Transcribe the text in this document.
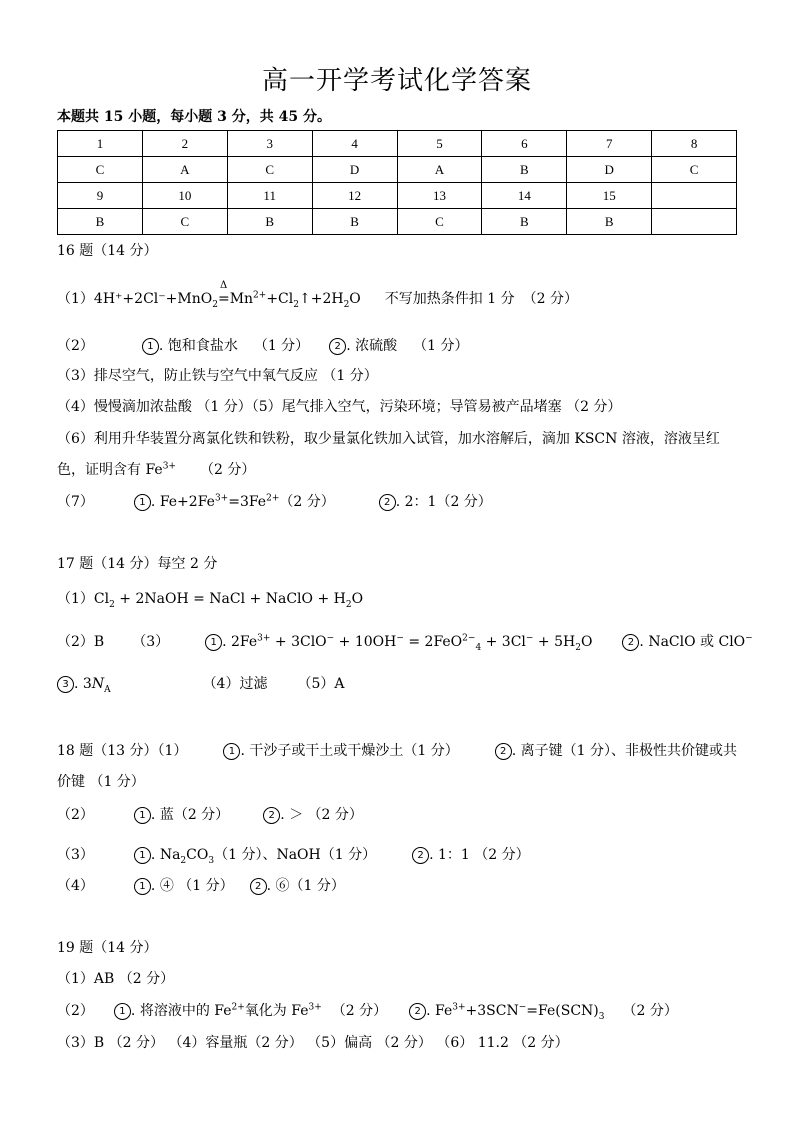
高一开学考试化学答案
本题共 15 小题，每小题 3 分，共 45 分。
1	2	3	4	5	6	7	8
C	A	C	D	A	B	D	C
9	10	11	12	13	14	15	
B	C	B	B	C	B	B	
16 题（14 分）
（1）4H⁺+2Cl⁻+MnO$_2$
Δ
$=Mn^{2+}+Cl_2↑+2H_2O$ 不写加热条件扣 1 分 （2 分）
（2）	1 . 饱和食盐水 （1 分）	2 . 浓硫酸 （1 分）
（3）排尽空气，防止铁与空气中氧气反应 （1 分）
（4）慢慢滴加浓盐酸 （1 分）（5）尾气排入空气，污染环境；导管易被产品堵塞 （2 分）
（6）利用升华装置分离氯化铁和铁粉，取少量氯化铁加入试管，加水溶解后，滴加 KSCN 溶液，溶液呈红色，证明含有 $Fe^{3+}$ （2 分）
（7）	1 . $Fe+2Fe^{3+}=3Fe^{2+}(2$ 分）	2 . 2：1（2 分）
17 题（14 分）每空 2 分
$(1)Cl_2$ + 2NaOH = NaCl + NaClO + $H_2O$
（2）B （3）	1 . $2Fe^{3+} + 3ClO^- + 10OH^- = 2FeO^{2-}_4 + 3Cl^- + 5H_2O$	2 . NaClO 或 ClO−
3 . $3N_A$	（4）过滤 （5）A
18 题（13 分）（1）	1 . 干沙子或干土或干燥沙土（1 分）	2 . 离子键（1 分）、非极性共价键或共价键 （1 分）
（2）	1 . 蓝（2 分）	2 . ＞ （2 分）
（3）	1 . $Na_2CO_3(1$ 分）、NaOH（1 分）	2 . 1：1 （2 分）
（4）	1 . ④ （1 分） 2 . ⑥（1 分）
19 题（14 分）
（1）AB （2 分）
（2）	1 . 将溶液中的 $Fe^{2+}$氧化为 $Fe^{3+}$ （2 分）	2 . $Fe^{3+}+3SCN^-=Fe(SCN)_3$ （2 分）
（3）B （2 分） （4）容量瓶（2 分） （5）偏高 （2 分） （6） 11.2 （2 分）
